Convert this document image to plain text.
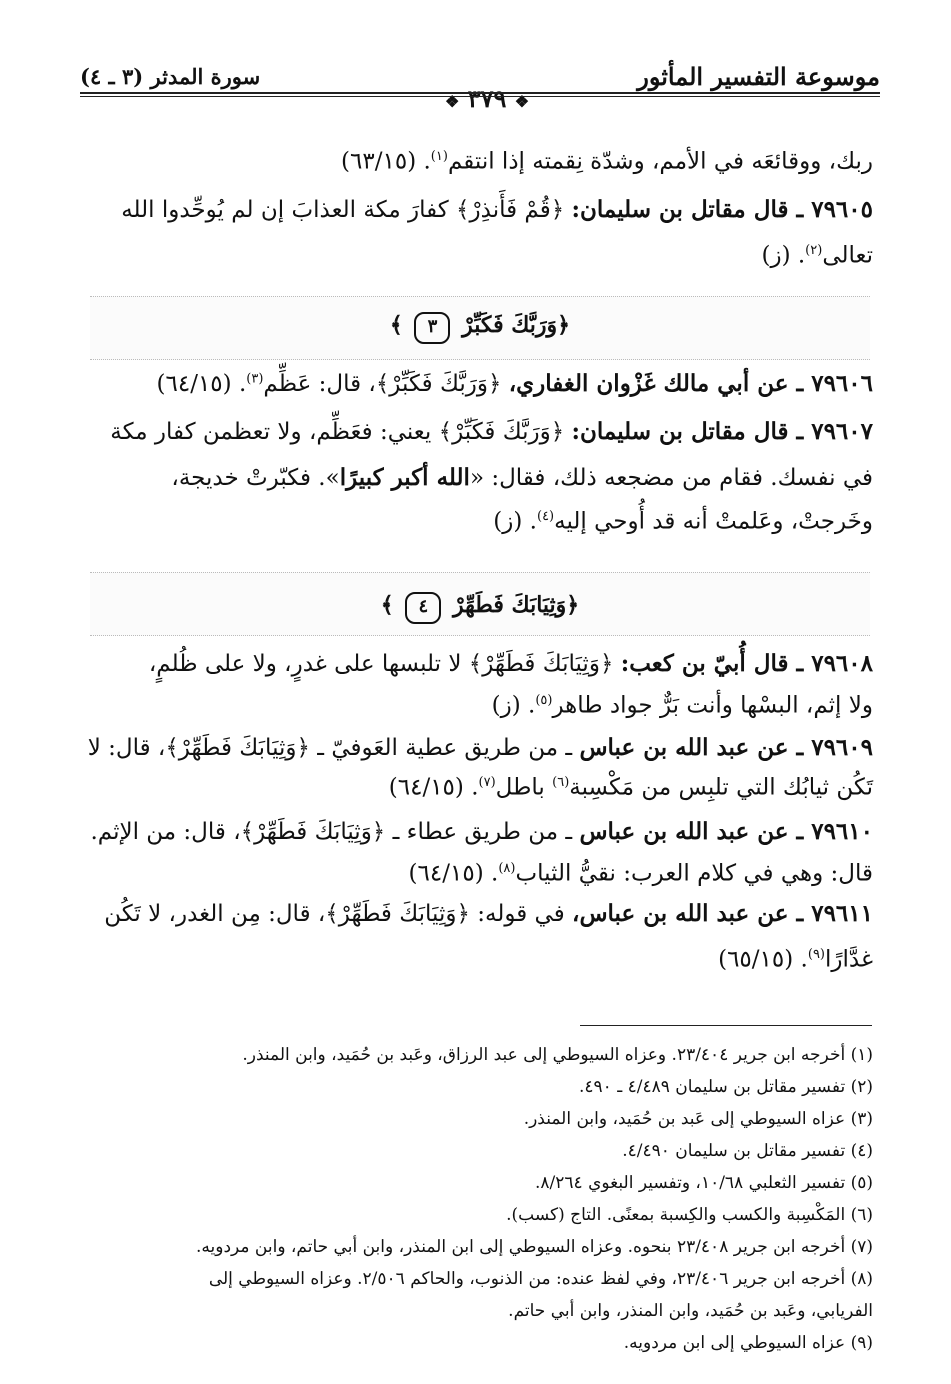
موسوعة التفسير المأثور
❖ ٣٧٩ ❖
سورة المدثر (٣ ـ ٤)
ربك، ووقائعَه في الأمم، وشدّة نِقمته إذا انتقم$^{(١)}$. (٦٣/١٥)
٧٩٦٠٥ ـ قال مقاتل بن سليمان: ﴿قُمْ فَأَنذِرْ﴾ كفارَ مكة العذابَ إن لم يُوحِّدوا الله
تعالى$^{(٢)}$. (ز)
﴿وَرَبَّكَ فَكَبِّرْ ٣ ﴾
٧٩٦٠٦ ـ عن أبي مالك غَزْوان الغفاري، ﴿وَرَبَّكَ فَكَبِّرْ﴾، قال: عَظِّم$^{(٣)}$. (٦٤/١٥)
٧٩٦٠٧ ـ قال مقاتل بن سليمان: ﴿وَرَبَّكَ فَكَبِّرْ﴾ يعني: فعَظِّم، ولا تعظمن كفار مكة
في نفسك. فقام من مضجعه ذلك، فقال: «الله أكبر كبيرًا». فكبّرتْ خديجة،
وخَرجتْ، وعَلمتْ أنه قد أُوحي إليه$^{(٤)}$. (ز)
﴿وَثِيَابَكَ فَطَهِّرْ ٤ ﴾
٧٩٦٠٨ ـ قال أُبيّ بن كعب: ﴿وَثِيَابَكَ فَطَهِّرْ﴾ لا تلبسها على غدرٍ، ولا على ظُلمٍ،
ولا إثم، البسْها وأنت بَرٌّ جواد طاهر$^{(٥)}$. (ز)
٧٩٦٠٩ ـ عن عبد الله بن عباس ـ من طريق عطية العَوفيّ ـ ﴿وَثِيَابَكَ فَطَهِّرْ﴾، قال: لا
تَكُن ثيابُك التي تلبِس من مَكْسِبة$^{(٦)}$ باطل$^{(٧)}$. (٦٤/١٥)
٧٩٦١٠ ـ عن عبد الله بن عباس ـ من طريق عطاء ـ ﴿وَثِيَابَكَ فَطَهِّرْ﴾، قال: من الإثم.
قال: وهي في كلام العرب: نقيُّ الثياب$^{(٨)}$. (٦٤/١٥)
٧٩٦١١ ـ عن عبد الله بن عباس، في قوله: ﴿وَثِيَابَكَ فَطَهِّرْ﴾، قال: مِن الغدر، لا تَكُن
غدَّارًا$^{(٩)}$. (٦٥/١٥)
(١) أخرجه ابن جرير ٢٣/٤٠٤. وعزاه السيوطي إلى عبد الرزاق، وعَبد بن حُمَيد، وابن المنذر.
(٢) تفسير مقاتل بن سليمان ٤/٤٨٩ ـ ٤٩٠.
(٣) عزاه السيوطي إلى عَبد بن حُمَيد، وابن المنذر.
(٤) تفسير مقاتل بن سليمان ٤/٤٩٠.
(٥) تفسير الثعلبي ١٠/٦٨، وتفسير البغوي ٨/٢٦٤.
(٦) المَكْسِبة والكسب والكِسبة بمعنًى. التاج (كسب).
(٧) أخرجه ابن جرير ٢٣/٤٠٨ بنحوه. وعزاه السيوطي إلى ابن المنذر، وابن أبي حاتم، وابن مردويه.
(٨) أخرجه ابن جرير ٢٣/٤٠٦، وفي لفظ عنده: من الذنوب، والحاكم ٢/٥٠٦. وعزاه السيوطي إلى
الفريابي، وعَبد بن حُمَيد، وابن المنذر، وابن أبي حاتم.
(٩) عزاه السيوطي إلى ابن مردويه.
